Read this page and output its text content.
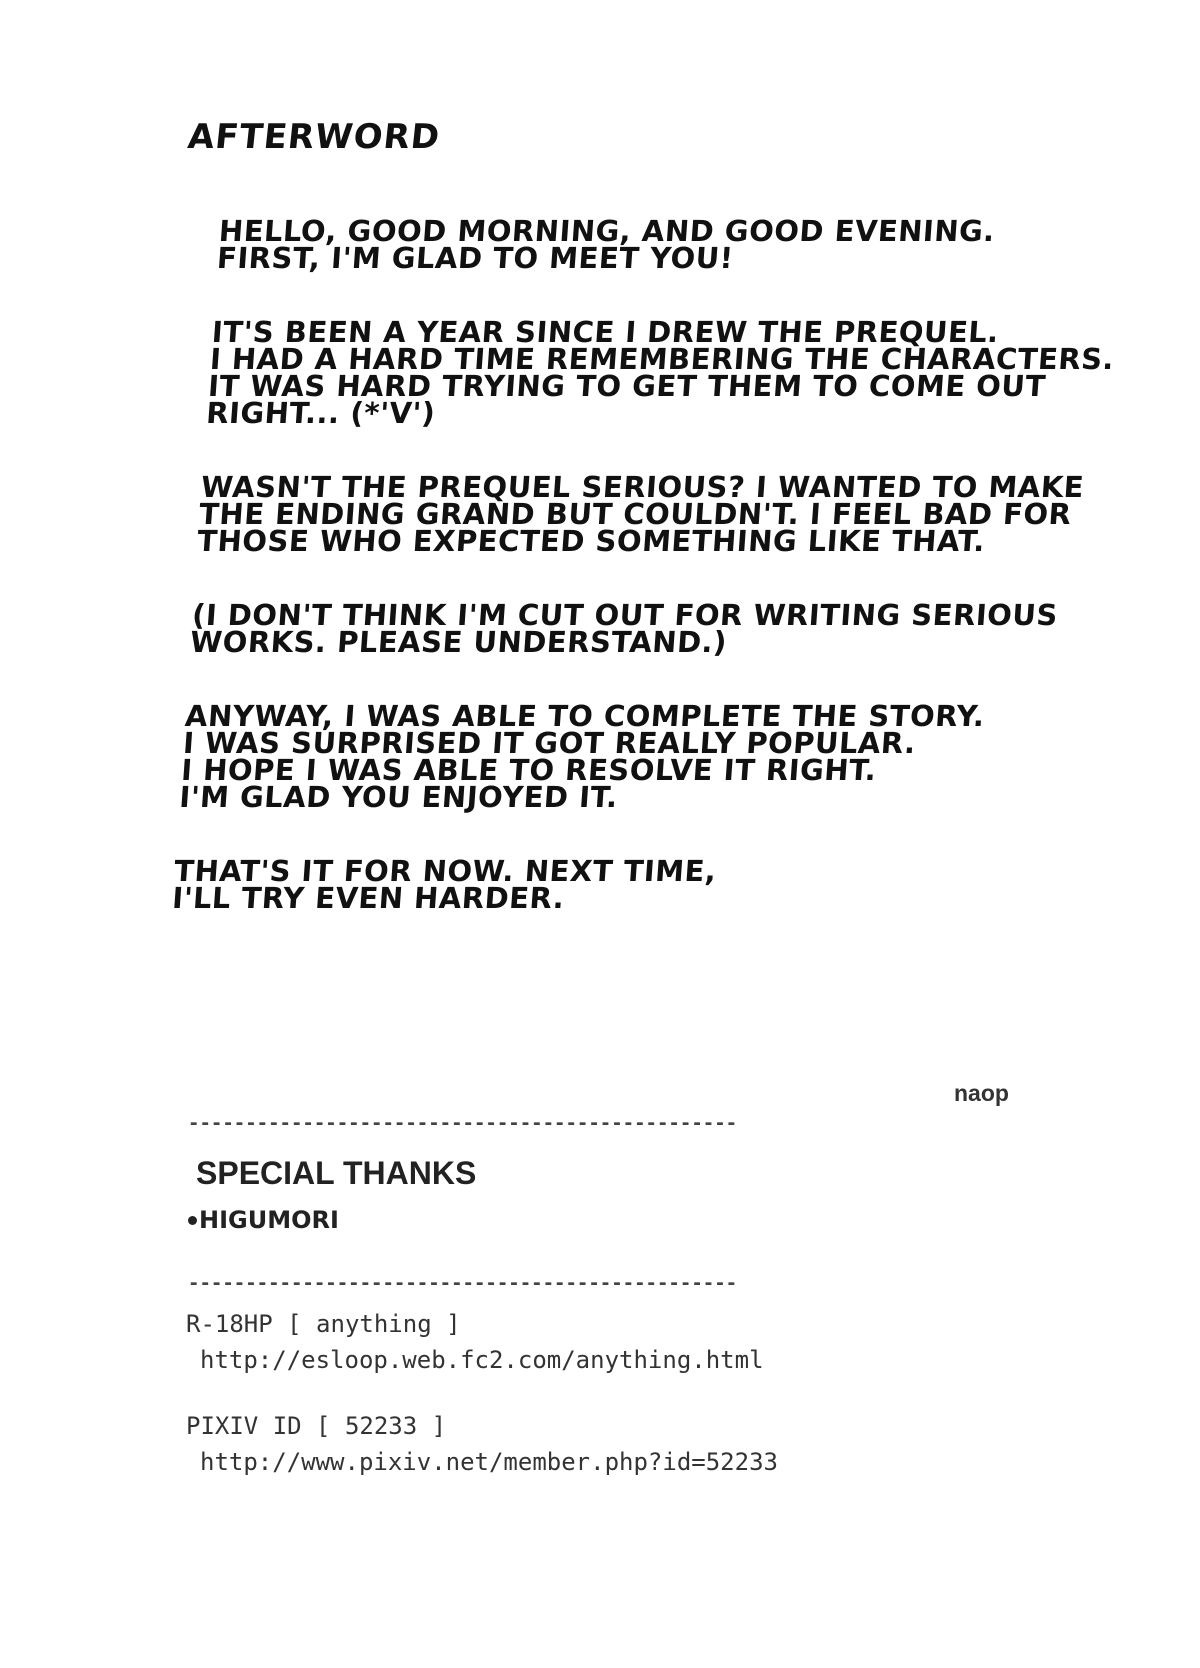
AFTERWORD

HELLO, GOOD MORNING, AND GOOD EVENING.
FIRST, I'M GLAD TO MEET YOU!

IT'S BEEN A YEAR SINCE I DREW THE PREQUEL.
I HAD A HARD TIME REMEMBERING THE CHARACTERS.
IT WAS HARD TRYING TO GET THEM TO COME OUT
RIGHT... (*'V')

WASN'T THE PREQUEL SERIOUS? I WANTED TO MAKE
THE ENDING GRAND BUT COULDN'T. I FEEL BAD FOR
THOSE WHO EXPECTED SOMETHING LIKE THAT.

(I DON'T THINK I'M CUT OUT FOR WRITING SERIOUS
WORKS. PLEASE UNDERSTAND.)

ANYWAY, I WAS ABLE TO COMPLETE THE STORY.
I WAS SURPRISED IT GOT REALLY POPULAR.
I HOPE I WAS ABLE TO RESOLVE IT RIGHT.
I'M GLAD YOU ENJOYED IT.

THAT'S IT FOR NOW. NEXT TIME,
I'LL TRY EVEN HARDER.

naop
------------------------------------------------
SPECIAL THANKS
HIGUMORI
------------------------------------------------
R-18HP [ anything ]
http://esloop.web.fc2.com/anything.html
PIXIV ID [ 52233 ]
http://www.pixiv.net/member.php?id=52233
